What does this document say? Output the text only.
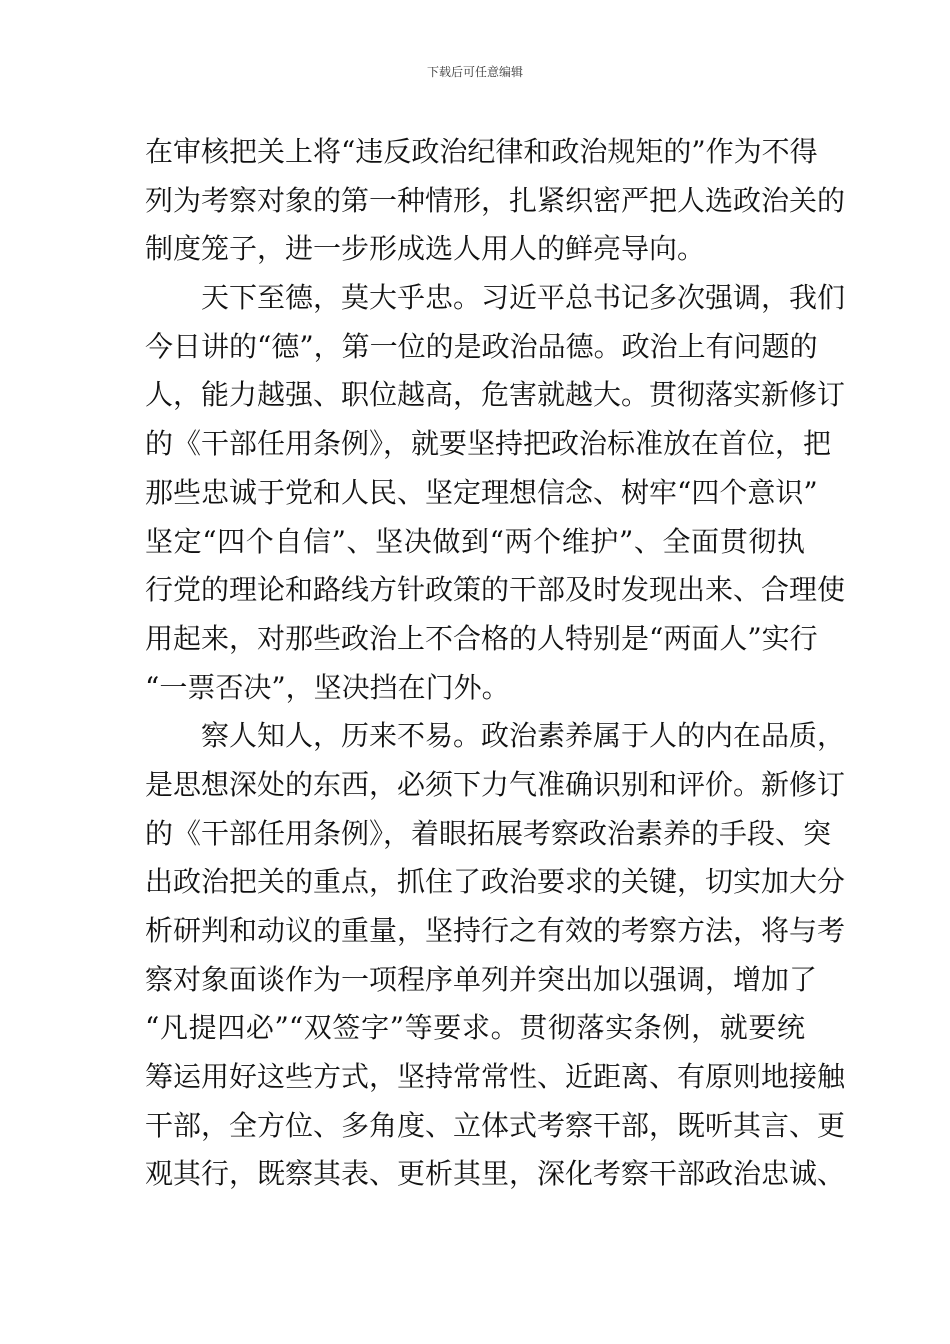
下载后可任意编辑
在审核把关上将“违反政治纪律和政治规矩的”作为不得
列为考察对象的第一种情形，扎紧织密严把人选政治关的
制度笼子，进一步形成选人用人的鲜亮导向。
天下至德，莫大乎忠。习近平总书记多次强调，我们
今日讲的“德”，第一位的是政治品德。政治上有问题的
人，能力越强、职位越高，危害就越大。贯彻落实新修订
的《干部任用条例》，就要坚持把政治标准放在首位，把
那些忠诚于党和人民、坚定理想信念、树牢“四个意识”
坚定“四个自信”、坚决做到“两个维护”、全面贯彻执
行党的理论和路线方针政策的干部及时发现出来、合理使
用起来，对那些政治上不合格的人特别是“两面人”实行
“一票否决”，坚决挡在门外。
察人知人，历来不易。政治素养属于人的内在品质，
是思想深处的东西，必须下力气准确识别和评价。新修订
的《干部任用条例》，着眼拓展考察政治素养的手段、突
出政治把关的重点，抓住了政治要求的关键，切实加大分
析研判和动议的重量，坚持行之有效的考察方法，将与考
察对象面谈作为一项程序单列并突出加以强调，增加了
“凡提四必”“双签字”等要求。贯彻落实条例，就要统
筹运用好这些方式，坚持常常性、近距离、有原则地接触
干部，全方位、多角度、立体式考察干部，既听其言、更
观其行，既察其表、更析其里，深化考察干部政治忠诚、
